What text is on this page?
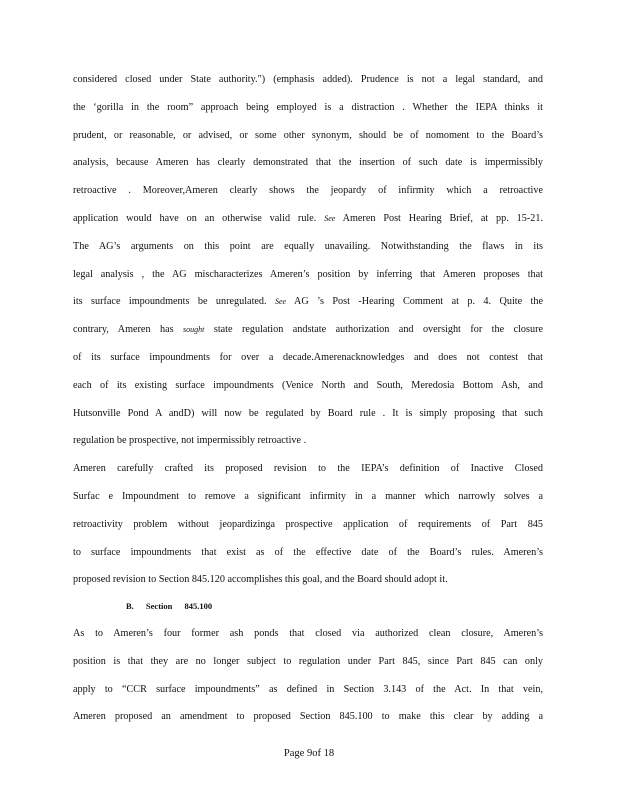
considered closed under State authority.") (emphasis added). Prudence is not a legal standard, and
the ‘gorilla in the room” approach being employed is a distraction . Whether the IEPA thinks it
prudent, or reasonable, or advised, or some other synonym, should be of nomoment to the Board’s
analysis, because Ameren has clearly demonstrated that the insertion of such date is impermissibly
retroactive . Moreover,Ameren clearly shows the jeopardy of infirmity which a retroactive
application would have on an otherwise valid rule. See Ameren Post Hearing Brief, at pp. 15-21.
The AG’s arguments on this point are equally unavailing. Notwithstanding the flaws in its
legal analysis , the AG mischaracterizes Ameren’s position by inferring that Ameren proposes that
its surface impoundments be unregulated. See AG ’s Post -Hearing Comment at p. 4. Quite the
contrary, Ameren has sought state regulation andstate authorization and oversight for the closure
of its surface impoundments for over a decade.Amerenacknowledges and does not contest that
each of its existing surface impoundments (Venice North and South, Meredosia Bottom Ash, and
Hutsonville Pond A andD) will now be regulated by Board rule . It is simply proposing that such
regulation be prospective, not impermissibly retroactive .
Ameren carefully crafted its proposed revision to the IEPA’s definition of Inactive Closed
Surfac e Impoundment to remove a significant infirmity in a manner which narrowly solves a
retroactivity problem without jeopardizinga prospective application of requirements of Part 845
to surface impoundments that exist as of the effective date of the Board’s rules. Ameren’s
proposed revision to Section 845.120 accomplishes this goal, and the Board should adopt it.
B. Section 845.100
As to Ameren’s four former ash ponds that closed via authorized clean closure, Ameren’s
position is that they are no longer subject to regulation under Part 845, since Part 845 can only
apply to “CCR surface impoundments” as defined in Section 3.143 of the Act. In that vein,
Ameren proposed an amendment to proposed Section 845.100 to make this clear by adding a
Page 9of 18
